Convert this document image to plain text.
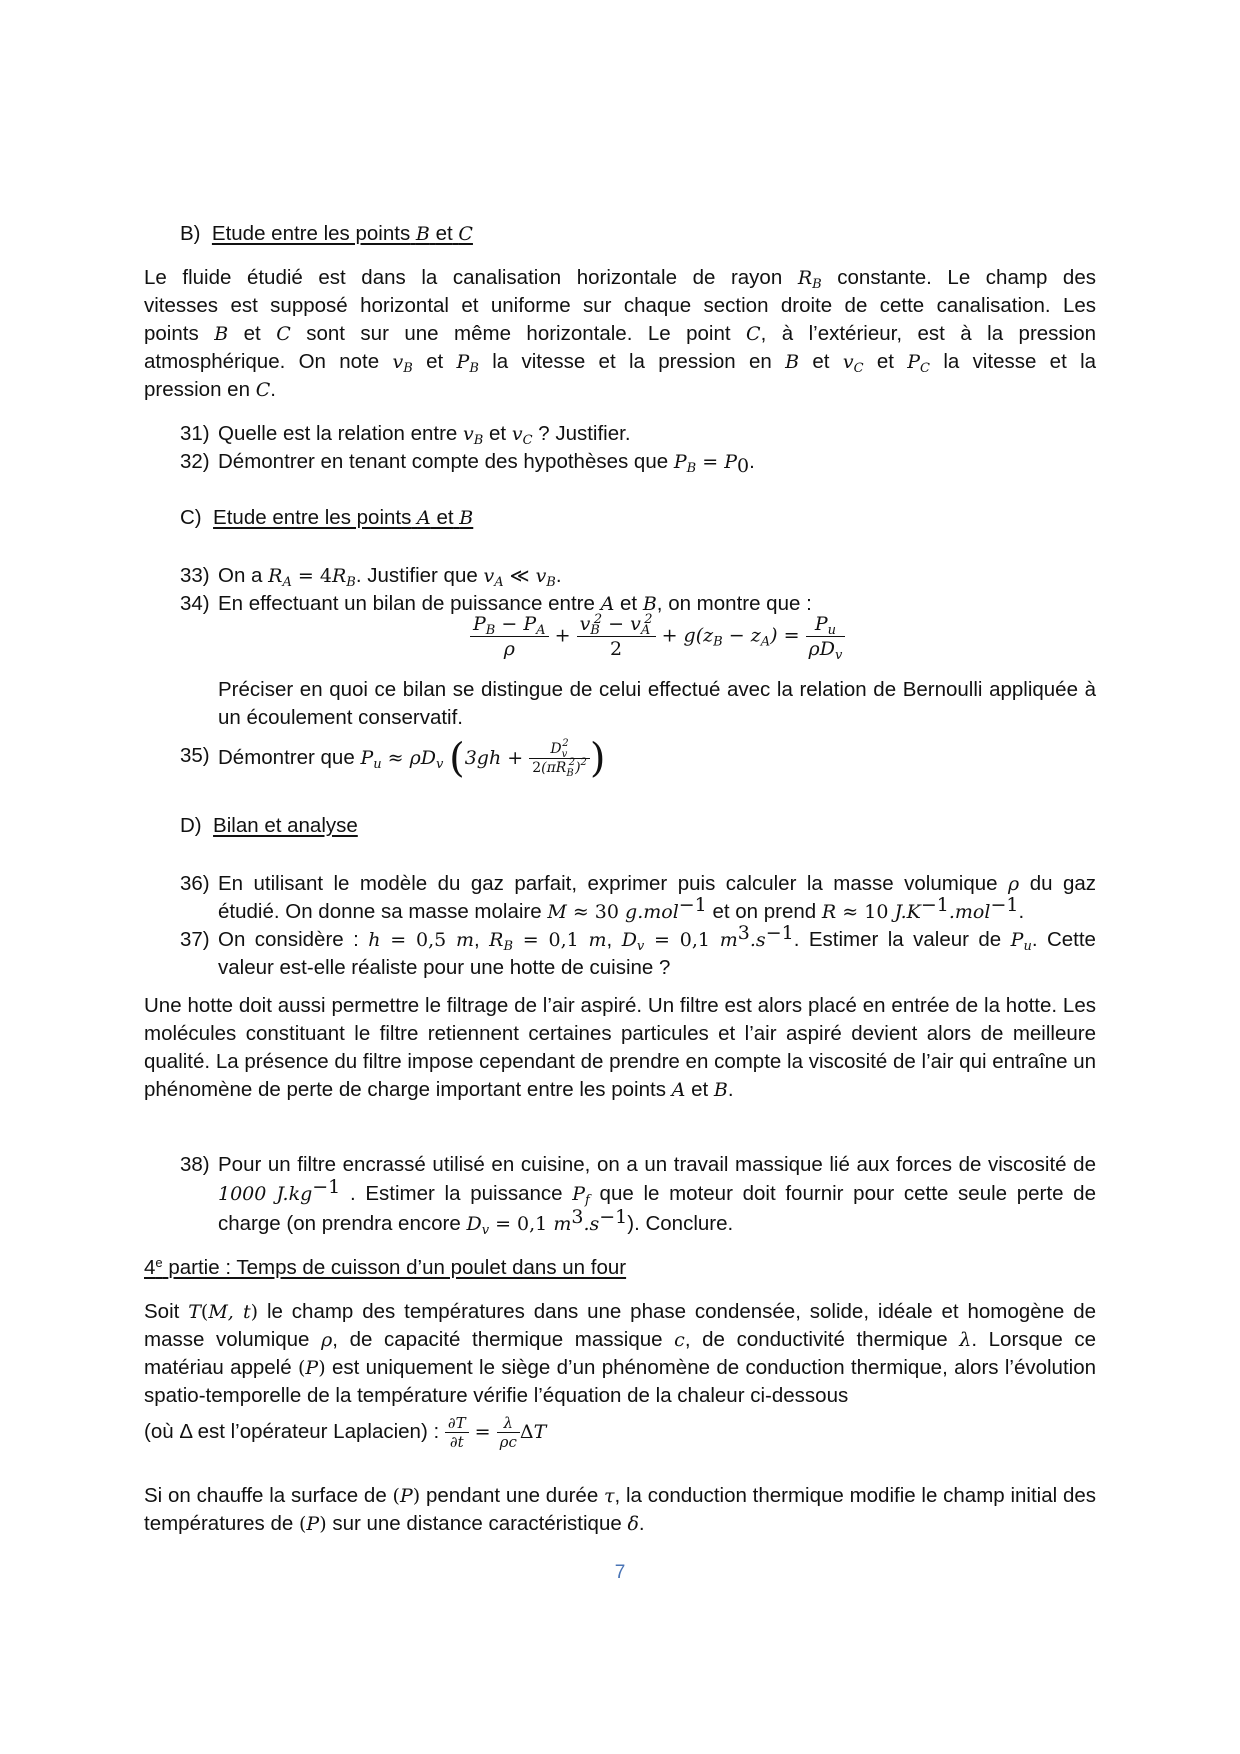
B) Etude entre les points B et C
Le fluide étudié est dans la canalisation horizontale de rayon $R_B$ constante. Le champ des
vitesses est supposé horizontal et uniforme sur chaque section droite de cette canalisation. Les
points B et C sont sur une même horizontale. Le point C, à l’extérieur, est à la pression
atmosphérique. On note $v_B$ et $P_B$ la vitesse et la pression en B et $v_C$ et $P_C$ la vitesse et la
pression en C.
31) Quelle est la relation entre $v_B$ et $v_C$ ? Justifier.
32) Démontrer en tenant compte des hypothèses que $P_B = P_0$.
C) Etude entre les points A et B
33) On a $R_A = 4R_B$. Justifier que $v_A$ ≪ $v_B$.
34) En effectuant un bilan de puissance entre A et B, on montre que :
$\frac{P_B - P_A}{\rho} + \frac{v_B^2 - v_A^2}{2} + g(z_B - z_A) = \frac{P_u}{\rho D_v}$
Préciser en quoi ce bilan se distingue de celui effectué avec la relation de Bernoulli appliquée à un écoulement conservatif.
35) Démontrer que $P_u \approx \rho D_v$ ($3gh + \frac{D_v^2}{2(\pi R_B^2)^2}$ )
D) Bilan et analyse
36) En utilisant le modèle du gaz parfait, exprimer puis calculer la masse volumique ρ du gaz
étudié. On donne sa masse molaire M ≈ 30 g.mol$^{-1}$ et on prend R ≈ 10 $J.K^{-1}.mol^{-1}$.
37) On considère : h = 0,5 m, $R_B = 0,1$ m, $D_v = 0,1$ $m^3.s^{-1}$. Estimer la valeur de $P_u$. Cette
valeur est-elle réaliste pour une hotte de cuisine ?
Une hotte doit aussi permettre le filtrage de l’air aspiré. Un filtre est alors placé en entrée de la hotte. Les molécules constituant le filtre retiennent certaines particules et l’air aspiré devient alors de meilleure qualité. La présence du filtre impose cependant de prendre en compte la viscosité de l’air qui entraîne un phénomène de perte de charge important entre les points A et B.
38) Pour un filtre encrassé utilisé en cuisine, on a un travail massique lié aux forces de viscosité de 1000 $J.kg^{-1}$ . Estimer la puissance $P_f$ que le moteur doit fournir pour cette seule perte de charge (on prendra encore $D_v = 0,1$ $m^3.s^{-1}$). Conclure.
4e partie : Temps de cuisson d’un poulet dans un four
Soit T(M, t) le champ des températures dans une phase condensée, solide, idéale et homogène de masse volumique ρ, de capacité thermique massique c, de conductivité thermique λ. Lorsque ce matériau appelé (P) est uniquement le siège d’un phénomène de conduction thermique, alors l’évolution spatio-temporelle de la température vérifie l’équation de la chaleur ci-dessous
(où Δ est l’opérateur Laplacien) : $\frac{\partial T}{\partial t} = \frac{\lambda}{\rho c}$ ΔT
Si on chauffe la surface de (P) pendant une durée τ, la conduction thermique modifie le champ initial des températures de (P) sur une distance caractéristique δ.
7
